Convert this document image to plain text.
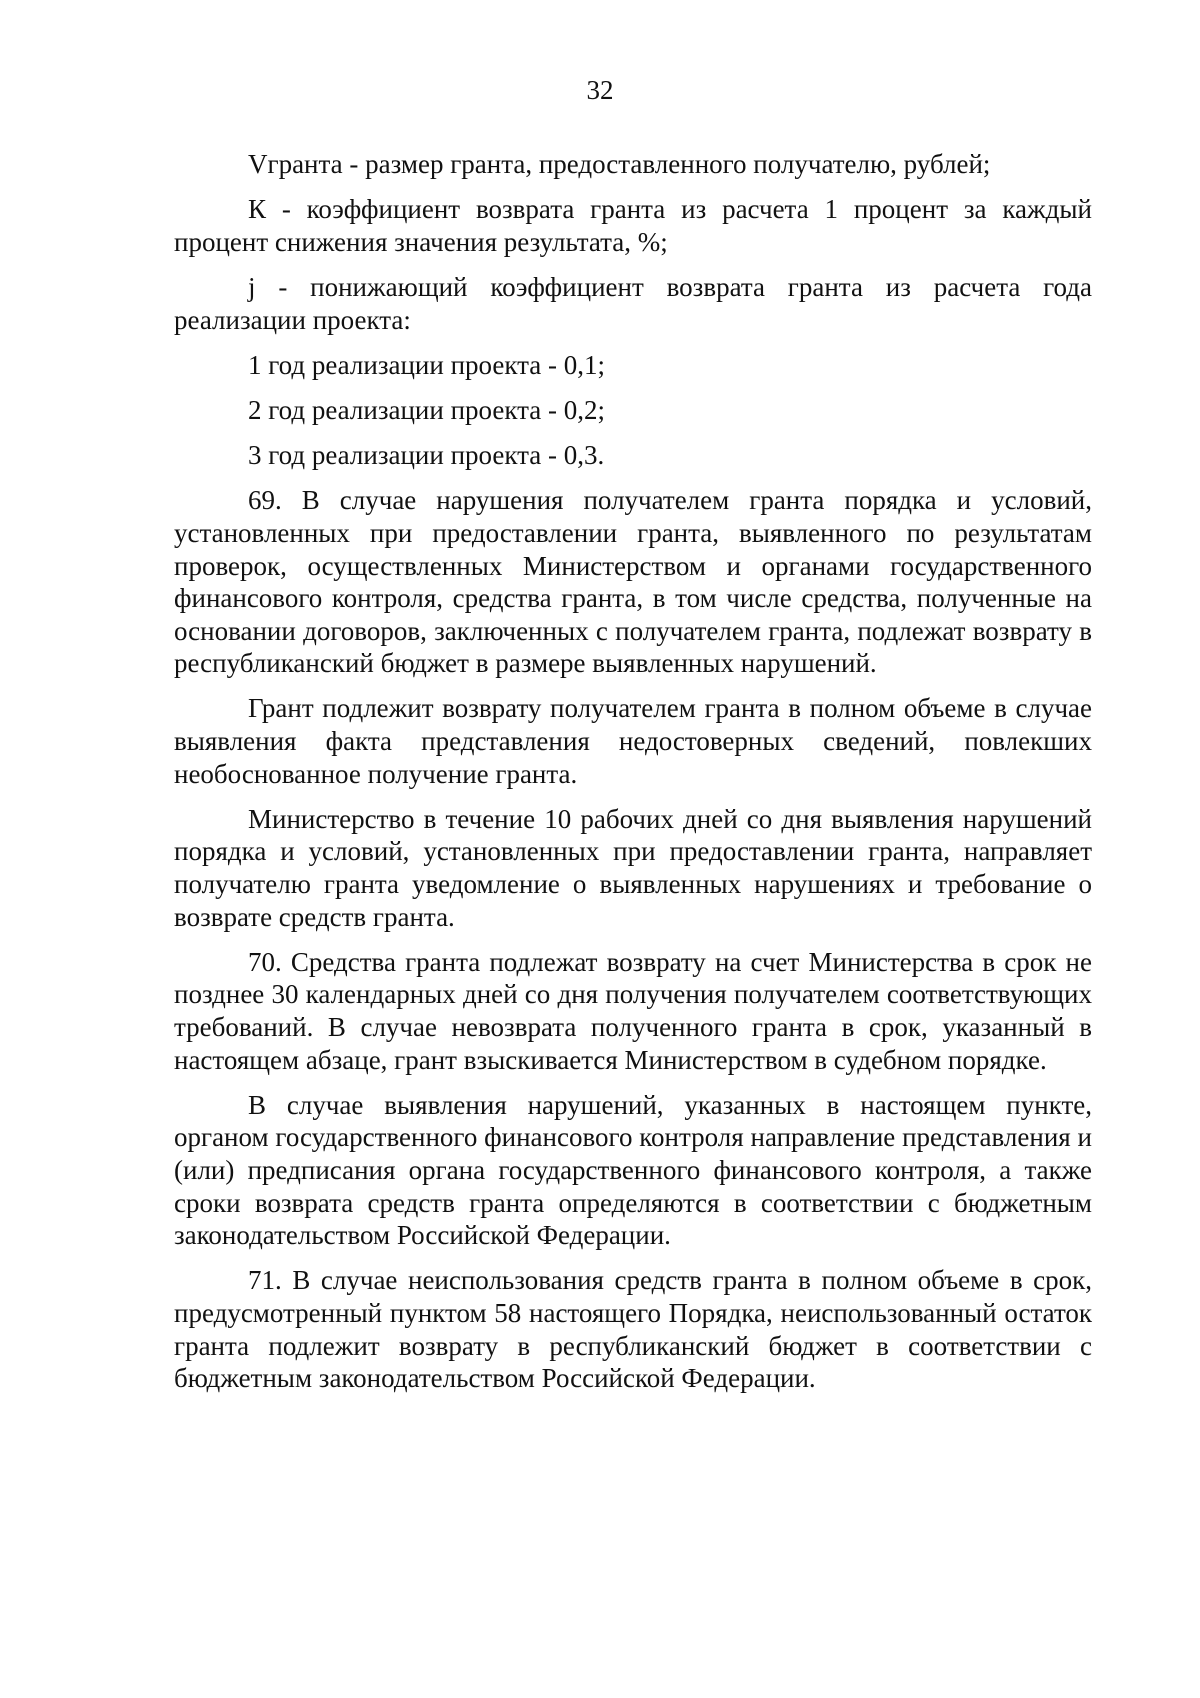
32

Vгранта - размер гранта, предоставленного получателю, рублей;

К - коэффициент возврата гранта из расчета 1 процент за каждый процент снижения значения результата, %;

j - понижающий коэффициент возврата гранта из расчета года реализации проекта:

1 год реализации проекта - 0,1;

2 год реализации проекта - 0,2;

3 год реализации проекта - 0,3.

69. В случае нарушения получателем гранта порядка и условий, установленных при предоставлении гранта, выявленного по результатам проверок, осуществленных Министерством и органами государственного финансового контроля, средства гранта, в том числе средства, полученные на основании договоров, заключенных с получателем гранта, подлежат возврату в республиканский бюджет в размере выявленных нарушений.

Грант подлежит возврату получателем гранта в полном объеме в случае выявления факта представления недостоверных сведений, повлекших необоснованное получение гранта.

Министерство в течение 10 рабочих дней со дня выявления нарушений порядка и условий, установленных при предоставлении гранта, направляет получателю гранта уведомление о выявленных нарушениях и требование о возврате средств гранта.

70. Средства гранта подлежат возврату на счет Министерства в срок не позднее 30 календарных дней со дня получения получателем соответствующих требований. В случае невозврата полученного гранта в срок, указанный в настоящем абзаце, грант взыскивается Министерством в судебном порядке.

В случае выявления нарушений, указанных в настоящем пункте, органом государственного финансового контроля направление представления и (или) предписания органа государственного финансового контроля, а также сроки возврата средств гранта определяются в соответствии с бюджетным законодательством Российской Федерации.

71. В случае неиспользования средств гранта в полном объеме в срок, предусмотренный пунктом 58 настоящего Порядка, неиспользованный остаток гранта подлежит возврату в республиканский бюджет в соответствии с бюджетным законодательством Российской Федерации.
